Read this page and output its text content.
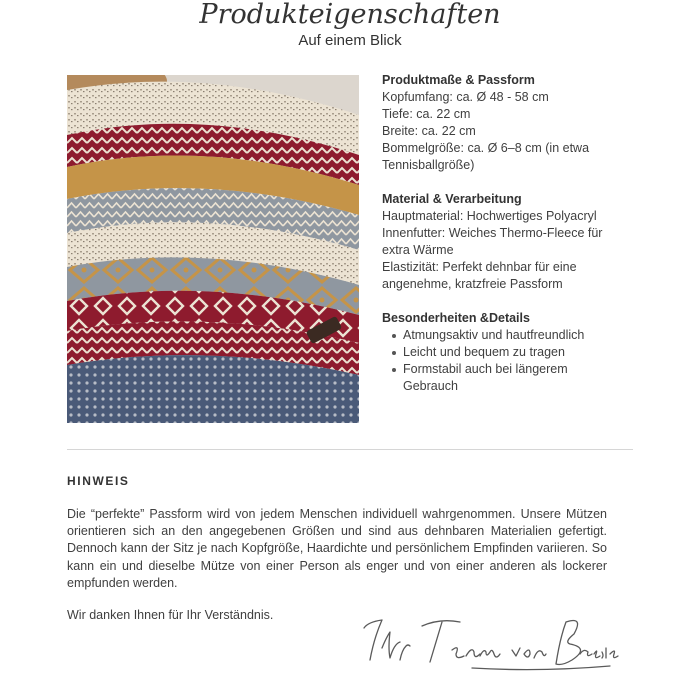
Produkteigenschaften

Auf einem Blick

Produktmaße & Passform

Kopfumfang: ca. Ø 48 - 58 cm

Tiefe: ca. 22 cm

Breite: ca. 22 cm

Bommelgröße: ca. Ø 6–8 cm (in etwa Tennisballgröße)

Material & Verarbeitung

Hauptmaterial: Hochwertiges Polyacryl

Innenfutter: Weiches Thermo-Fleece für extra Wärme

Elastizität: Perfekt dehnbar für eine angenehme, kratzfreie Passform

Besonderheiten &Details

Atmungsaktiv und hautfreundlich
Leicht und bequem zu tragen
Formstabil auch bei längerem Gebrauch

HINWEIS

Die “perfekte” Passform wird von jedem Menschen individuell wahrgenommen. Unsere Mützen orientieren sich an den angegebenen Größen und sind aus dehnbaren Materialien gefertigt. Dennoch kann der Sitz je nach Kopfgröße, Haardichte und persönlichem Empfinden variieren. So kann ein und dieselbe Mütze von einer Person als enger und von einer anderen als lockerer empfunden werden.

Wir danken Ihnen für Ihr Verständnis.
